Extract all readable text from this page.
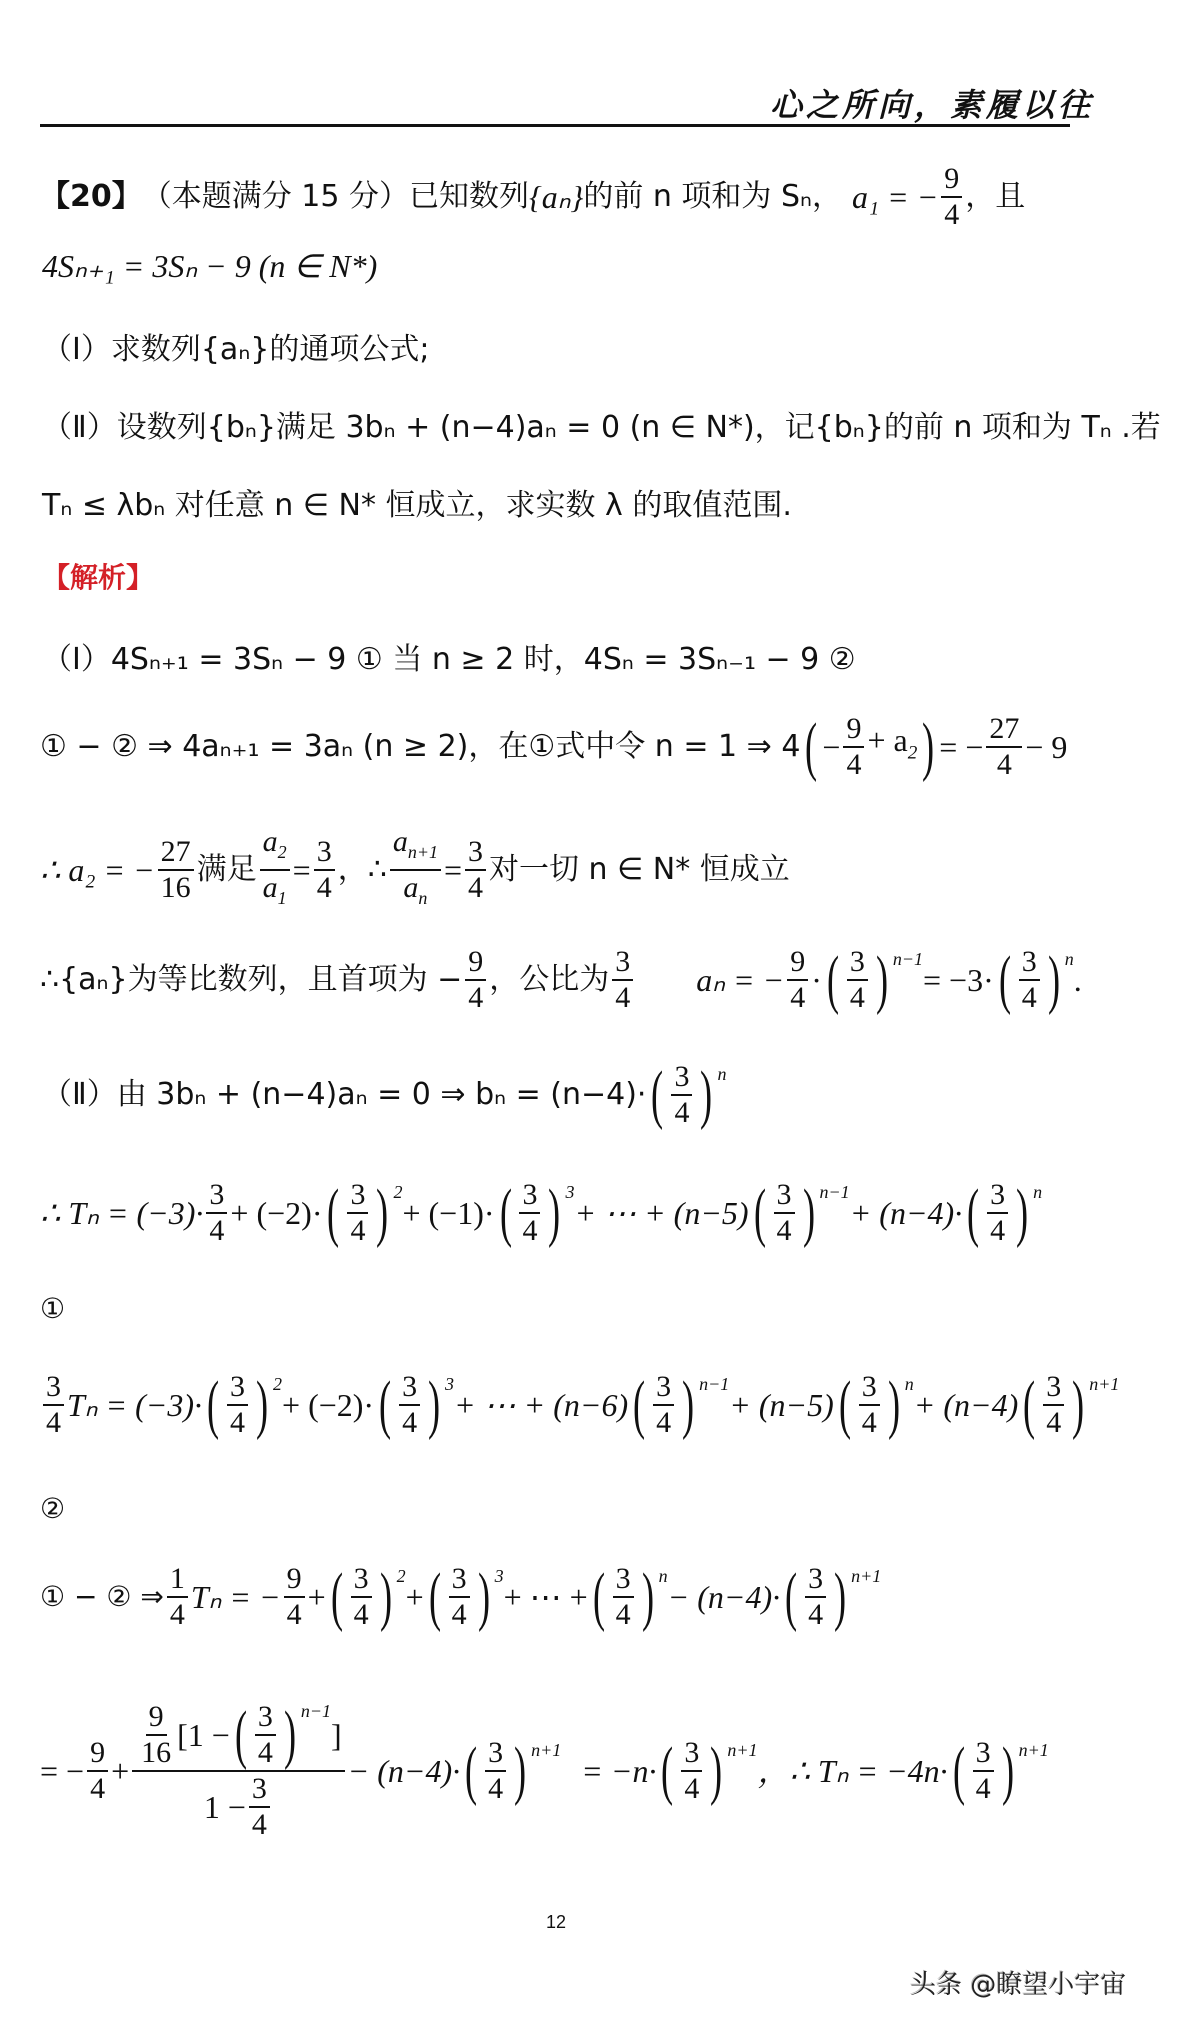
心之所向，素履以往
【20】 （本题满分 15 分）已知数列 {aₙ} 的前 n 项和为 Sₙ， a₁ = − $\frac{9}{4}$ ，且
4Sₙ₊₁ = 3Sₙ − 9 (n ∈ N*)
（Ⅰ）求数列{aₙ}的通项公式;
（Ⅱ）设数列{bₙ}满足 3bₙ + (n−4)aₙ = 0 (n ∈ N*)，记{bₙ}的前 n 项和为 Tₙ .若
Tₙ ≤ λbₙ 对任意 n ∈ N* 恒成立，求实数 λ 的取值范围.
【解析】
（Ⅰ）4Sₙ₊₁ = 3Sₙ − 9 ① 当 n ≥ 2 时，4Sₙ = 3Sₙ₋₁ − 9 ②
① − ② ⇒ 4aₙ₊₁ = 3aₙ (n ≥ 2)，在①式中令 n = 1 ⇒ 4 ( − $\frac{9}{4} + a_2$ ) = − $\frac{27}{4} - 9$
∴ a₂ = − $\frac{27}{16}$ 满足 $\frac{a_2}{a_1} = \frac{3}{4}$ ，∴ $\frac{a_{n+1}}{a_n} = \frac{3}{4}$ 对一切 n ∈ N* 恒成立
∴{aₙ}为等比数列，且首项为 − $\frac{9}{4}$ ，公比为 $\frac{3}{4}$ aₙ = − $\frac{9}{4}$ · ( $\frac{3}{4}$ ) n−1
= −3· ( $\frac{3}{4}$ ) n
.
（Ⅱ）由 3bₙ + (n−4)aₙ = 0 ⇒ bₙ = (n−4)· ( $\frac{3}{4}$ ) n
∴ $T_n = (-3)\cdot \frac{3}{4} + (-2)\cdot$ ( $\frac{3}{4}$ ) 2
+ (−1)· ( $\frac{3}{4}$ ) 3
+ ⋯ + (n−5) ( $\frac{3}{4}$ ) n−1
+ (n−4)· ( $\frac{3}{4}$ ) n
①
$\frac{3}{4}$ Tₙ = (−3)· ( $\frac{3}{4}$ ) 2
+ (−2)· ( $\frac{3}{4}$ ) 3
+ ⋯ + (n−6) ( $\frac{3}{4}$ ) n−1
+ (n−5) ( $\frac{3}{4}$ ) n
+ (n−4) ( $\frac{3}{4}$ ) n+1
②
① − ② ⇒ $\frac{1}{4}$ Tₙ = − $\frac{9}{4}$ + ( $\frac{3}{4}$ ) 2
+ ( $\frac{3}{4}$ ) 3
+ ⋯ + ( $\frac{3}{4}$ ) n
− (n−4)· ( $\frac{3}{4}$ ) n+1
= − $\frac{9}{4} + \frac{9}{16} [1$ − ( $\frac{3}{4}$ ) n−1
]
$1 - \frac{3}{4} - (n-4)\cdot$ ( $\frac{3}{4}$ ) n+1
= −n· ( $\frac{3}{4}$ ) n+1
，∴ Tₙ = −4n· ( $\frac{3}{4}$ ) n+1
12
头条 @瞭望小宇宙
